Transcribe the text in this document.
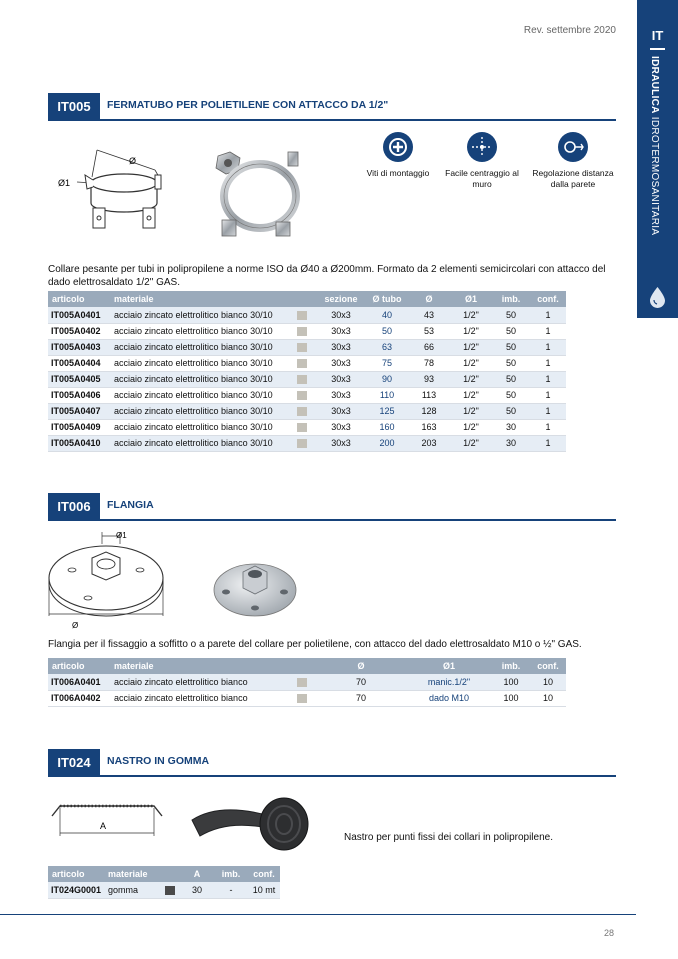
Rev. settembre 2020	IT
IDRAULICA IDROTERMOSANITARIA
IT005	FERMATUBO PER POLIETILENE CON ATTACCO DA 1/2"
Ø
Ø1
Viti di montaggio	Facile centraggio al muro
Regolazione distanza dalla parete
Collare pesante per tubi in polipropilene a norme ISO da Ø40 a Ø200mm. Formato da 2 elementi semicircolari con attacco del dado elettrosaldato 1/2" GAS.
articolo	materiale		sezione	Ø tubo	Ø	Ø1	imb.	conf.
IT005A0401	acciaio zincato elettrolitico bianco 30/10		30x3	40	43	1/2"	50	1
IT005A0402	acciaio zincato elettrolitico bianco 30/10		30x3	50	53	1/2"	50	1
IT005A0403	acciaio zincato elettrolitico bianco 30/10		30x3	63	66	1/2"	50	1
IT005A0404	acciaio zincato elettrolitico bianco 30/10		30x3	75	78	1/2"	50	1
IT005A0405	acciaio zincato elettrolitico bianco 30/10		30x3	90	93	1/2"	50	1
IT005A0406	acciaio zincato elettrolitico bianco 30/10		30x3	110	113	1/2"	50	1
IT005A0407	acciaio zincato elettrolitico bianco 30/10		30x3	125	128	1/2"	50	1
IT005A0409	acciaio zincato elettrolitico bianco 30/10		30x3	160	163	1/2"	30	1
IT005A0410	acciaio zincato elettrolitico bianco 30/10		30x3	200	203	1/2"	30	1
IT006	FLANGIA
Ø1
Ø
Flangia per il fissaggio a soffitto o a parete del collare per polietilene, con attacco del dado elettrosaldato M10 o ½" GAS.
articolo	materiale		Ø	Ø1	imb.	conf.
IT006A0401	acciaio zincato elettrolitico bianco		70	manic.1/2"	100	10
IT006A0402	acciaio zincato elettrolitico bianco		70	dado M10	100	10
IT024	NASTRO IN GOMMA
A
Nastro per punti fissi dei collari in polipropilene.
articolo	materiale		A	imb.	conf.
IT024G0001	gomma		30	-	10 mt
28
